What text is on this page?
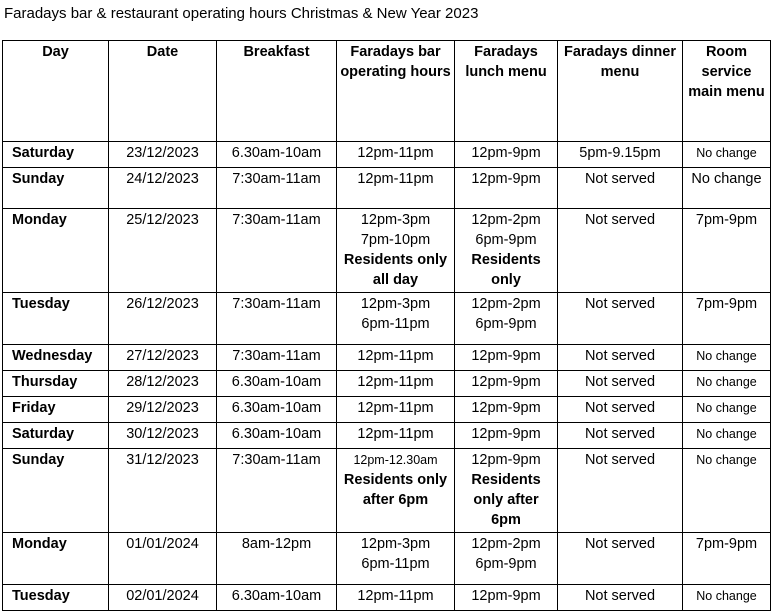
Faradays bar & restaurant operating hours Christmas & New Year 2023
Day	Date	Breakfast	Faradays bar operating hours	Faradays lunch menu	Faradays dinner menu	Room service main menu
Saturday	23/12/2023	6.30am-10am	12pm-11pm	12pm-9pm	5pm-9.15pm	No change
Sunday	24/12/2023	7:30am-11am	12pm-11pm	12pm-9pm	Not served	No change
Monday	25/12/2023	7:30am-11am	12pm-3pm
7pm-10pm
Residents only all day	12pm-2pm
6pm-9pm
Residents only	Not served	7pm-9pm
Tuesday	26/12/2023	7:30am-11am	12pm-3pm
6pm-11pm	12pm-2pm
6pm-9pm	Not served	7pm-9pm
Wednesday	27/12/2023	7:30am-11am	12pm-11pm	12pm-9pm	Not served	No change
Thursday	28/12/2023	6.30am-10am	12pm-11pm	12pm-9pm	Not served	No change
Friday	29/12/2023	6.30am-10am	12pm-11pm	12pm-9pm	Not served	No change
Saturday	30/12/2023	6.30am-10am	12pm-11pm	12pm-9pm	Not served	No change
Sunday	31/12/2023	7:30am-11am	12pm-12.30am
Residents only after 6pm	12pm-9pm
Residents only after 6pm	Not served	No change
Monday	01/01/2024	8am-12pm	12pm-3pm
6pm-11pm	12pm-2pm
6pm-9pm	Not served	7pm-9pm
Tuesday	02/01/2024	6.30am-10am	12pm-11pm	12pm-9pm	Not served	No change
